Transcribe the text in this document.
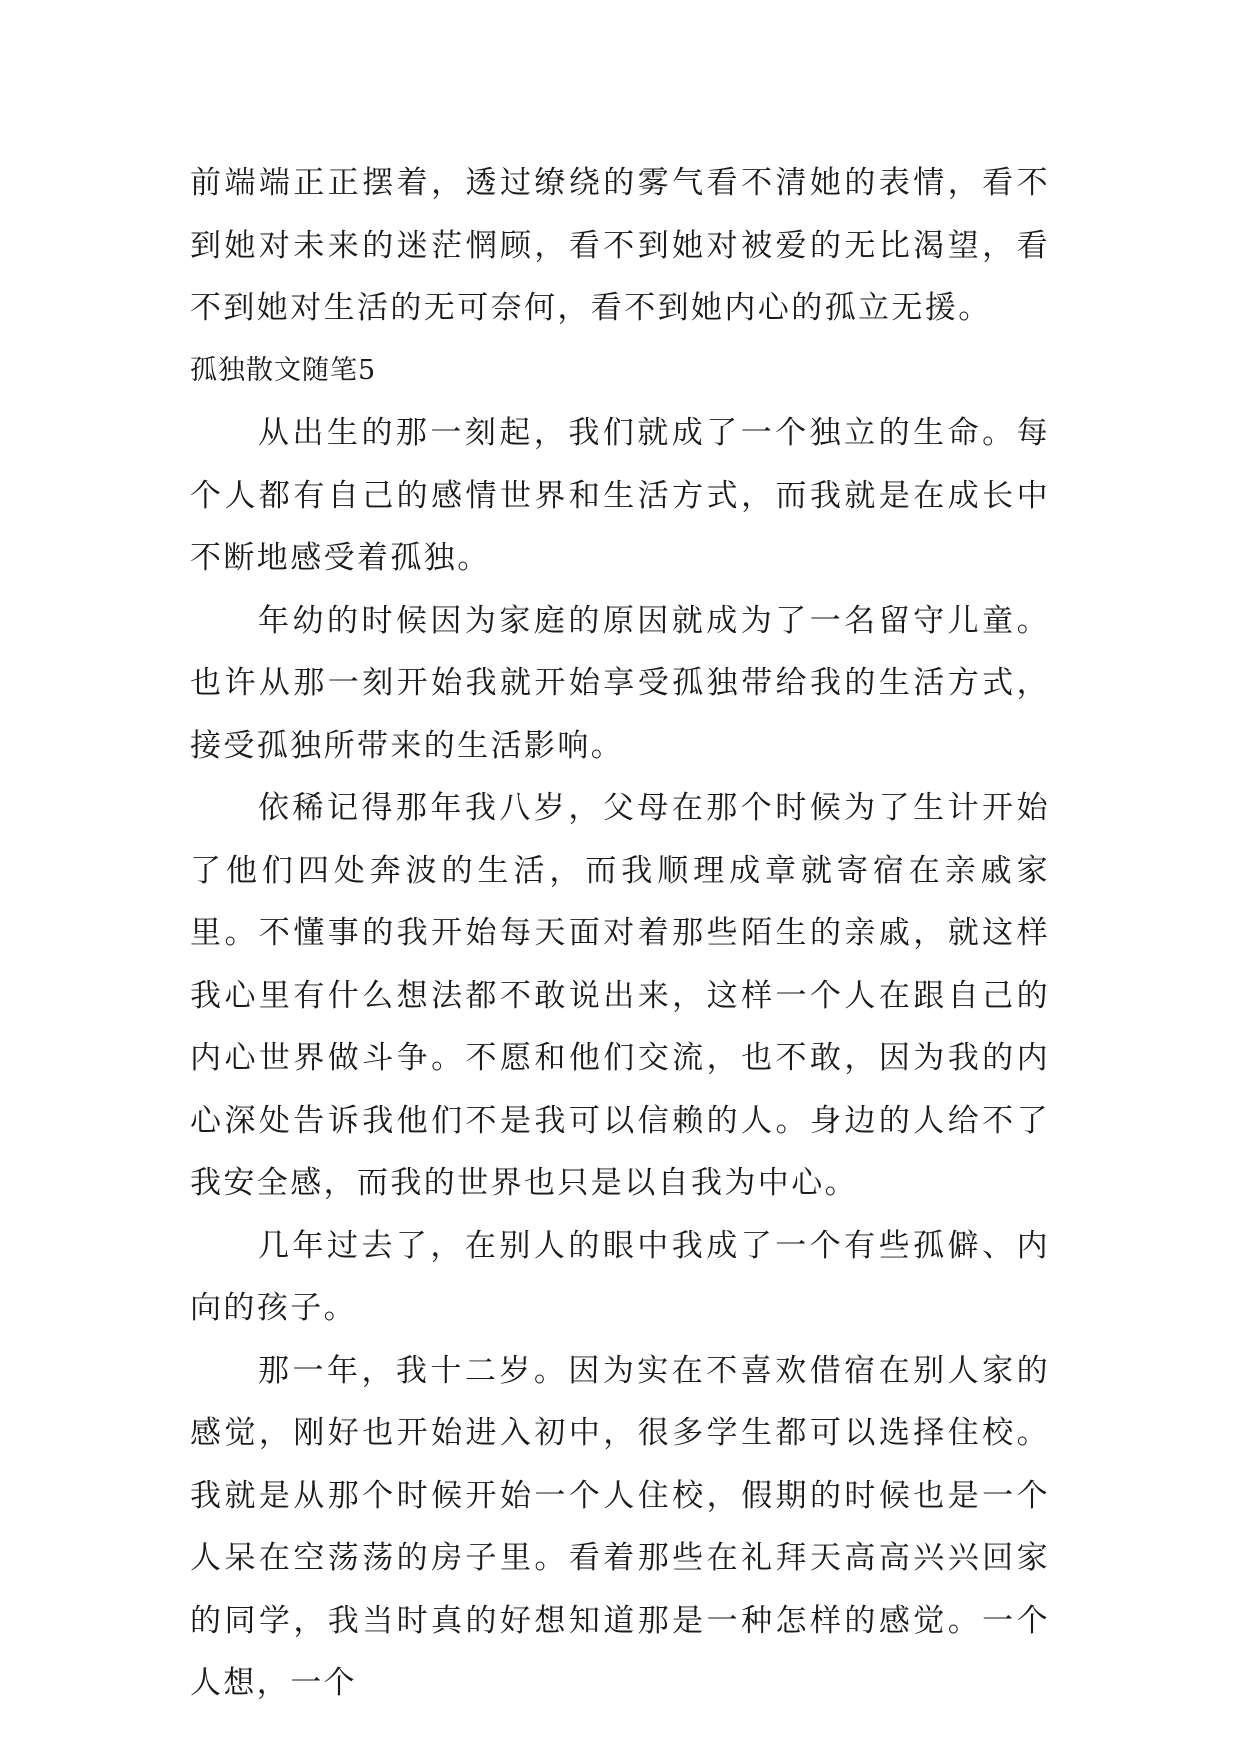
前端端正正摆着，透过缭绕的雾气看不清她的表情，看不到她对未来的迷茫惘顾，看不到她对被爱的无比渴望，看不到她对生活的无可奈何，看不到她内心的孤立无援。

孤独散文随笔5

从出生的那一刻起，我们就成了一个独立的生命。每个人都有自己的感情世界和生活方式，而我就是在成长中不断地感受着孤独。

年幼的时候因为家庭的原因就成为了一名留守儿童。也许从那一刻开始我就开始享受孤独带给我的生活方式，接受孤独所带来的生活影响。

依稀记得那年我八岁，父母在那个时候为了生计开始了他们四处奔波的生活，而我顺理成章就寄宿在亲戚家里。不懂事的我开始每天面对着那些陌生的亲戚，就这样我心里有什么想法都不敢说出来，这样一个人在跟自己的内心世界做斗争。不愿和他们交流，也不敢，因为我的内心深处告诉我他们不是我可以信赖的人。身边的人给不了我安全感，而我的世界也只是以自我为中心。

几年过去了，在别人的眼中我成了一个有些孤僻、内向的孩子。

那一年，我十二岁。因为实在不喜欢借宿在别人家的感觉，刚好也开始进入初中，很多学生都可以选择住校。我就是从那个时候开始一个人住校，假期的时候也是一个人呆在空荡荡的房子里。看着那些在礼拜天高高兴兴回家的同学，我当时真的好想知道那是一种怎样的感觉。一个人想，一个
